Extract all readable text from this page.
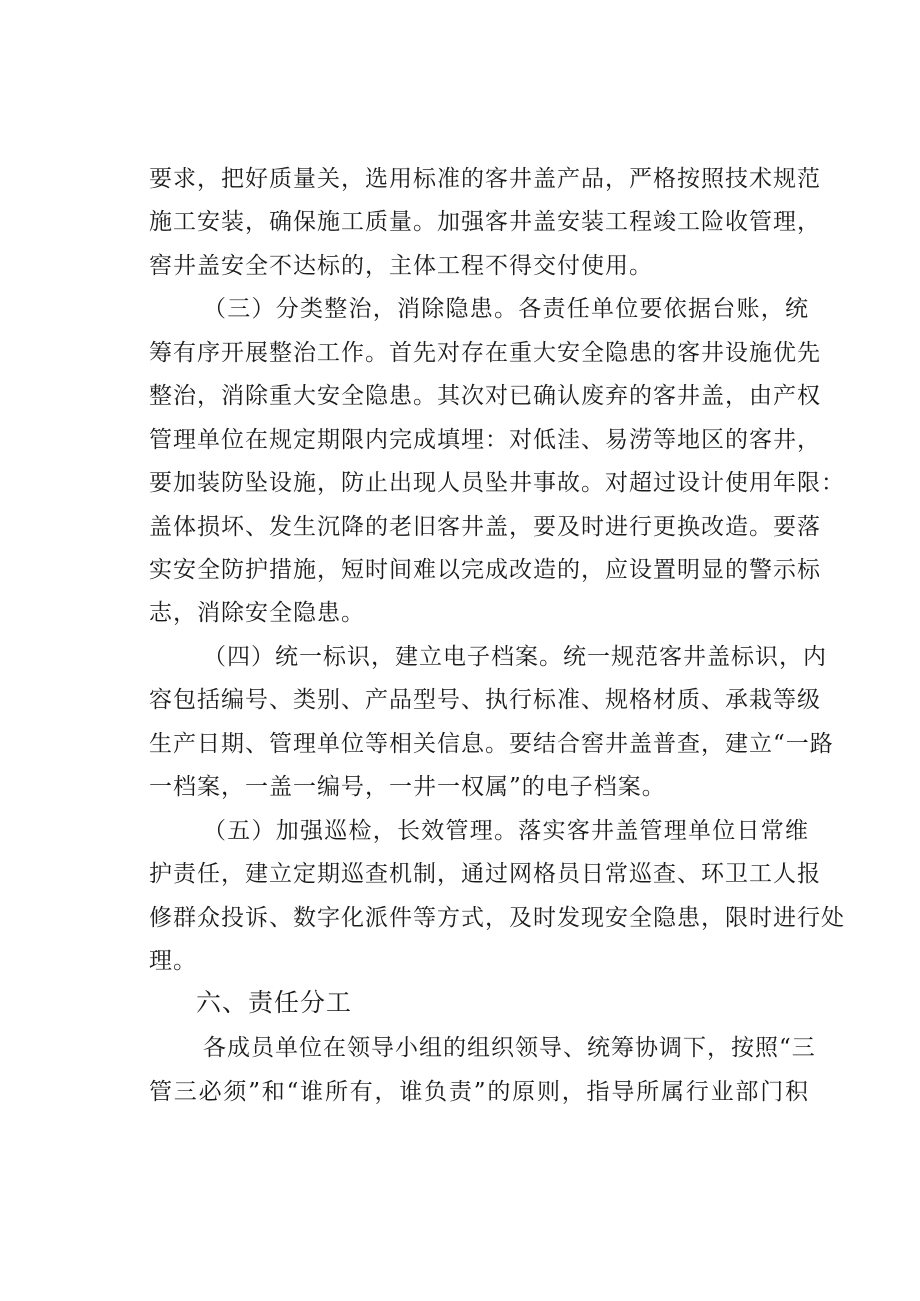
要求，把好质量关，选用标准的客井盖产品，严格按照技术规范
施工安装，确保施工质量。加强客井盖安装工程竣工险收管理，
窖井盖安全不达标的，主体工程不得交付使用。
（三）分类整治，消除隐患。各责任单位要依据台账，统
筹有序开展整治工作。首先对存在重大安全隐患的客井设施优先
整治，消除重大安全隐患。其次对已确认废弃的客井盖，由产权
管理单位在规定期限内完成填埋：对低洼、易涝等地区的客井，
要加装防坠设施，防止出现人员坠井事故。对超过设计使用年限：
盖体损坏、发生沉降的老旧客井盖，要及时进行更换改造。要落
实安全防护措施，短时间难以完成改造的，应设置明显的警示标
志，消除安全隐患。
（四）统一标识，建立电子档案。统一规范客井盖标识，内
容包括编号、类别、产品型号、执行标准、规格材质、承栽等级
生产日期、管理单位等相关信息。要结合窖井盖普查，建立“一路
一档案，一盖一编号，一井一权属”的电子档案。
（五）加强巡检，长效管理。落实客井盖管理单位日常维
护责任，建立定期巡查机制，通过网格员日常巡查、环卫工人报
修群众投诉、数字化派件等方式，及时发现安全隐患，限时进行处
理。
六、责任分工
各成员单位在领导小组的组织领导、统筹协调下，按照“三
管三必须”和“谁所有，谁负责”的原则，指导所属行业部门积
